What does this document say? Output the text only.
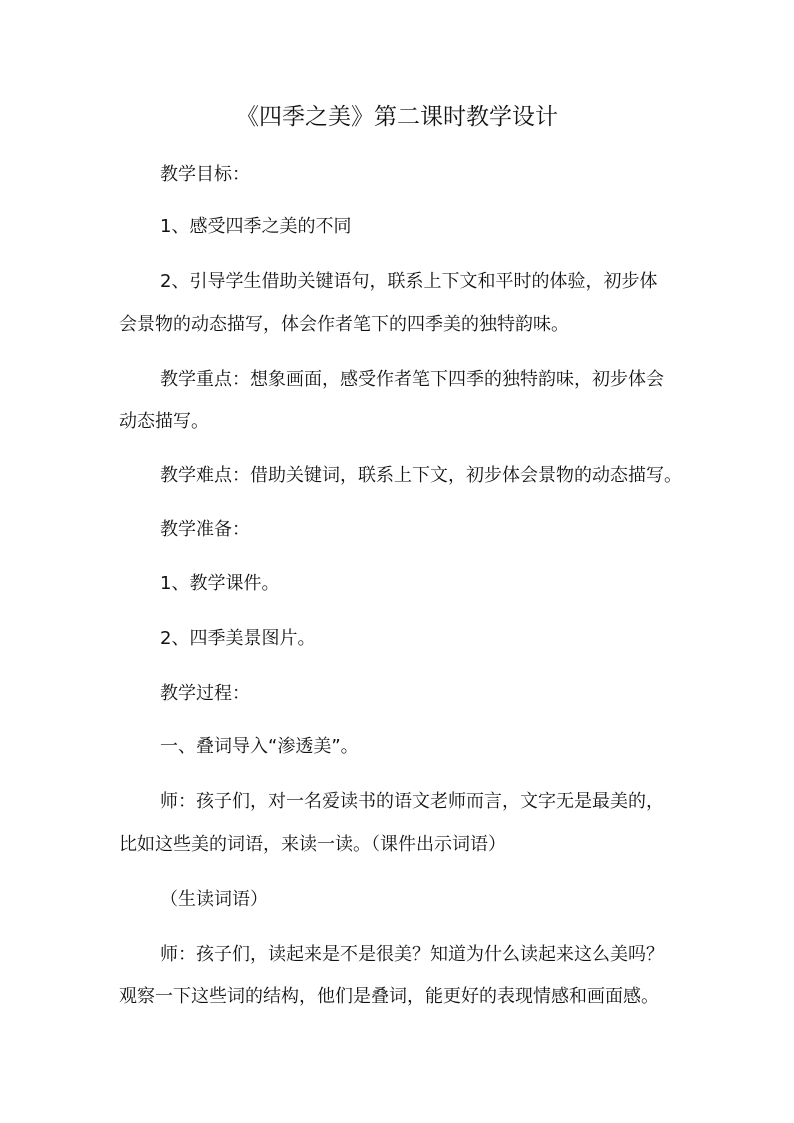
《四季之美》第二课时教学设计
教学目标：
1、感受四季之美的不同
2、引导学生借助关键语句，联系上下文和平时的体验，初步体
会景物的动态描写，体会作者笔下的四季美的独特韵味。
教学重点：想象画面，感受作者笔下四季的独特韵味，初步体会
动态描写。
教学难点：借助关键词，联系上下文，初步体会景物的动态描写。
教学准备：
1、教学课件。
2、四季美景图片。
教学过程：
一、叠词导入“渗透美”。
师：孩子们，对一名爱读书的语文老师而言，文字无是最美的，
比如这些美的词语，来读一读。（课件出示词语）
（生读词语）
师：孩子们，读起来是不是很美？知道为什么读起来这么美吗？
观察一下这些词的结构，他们是叠词，能更好的表现情感和画面感。
